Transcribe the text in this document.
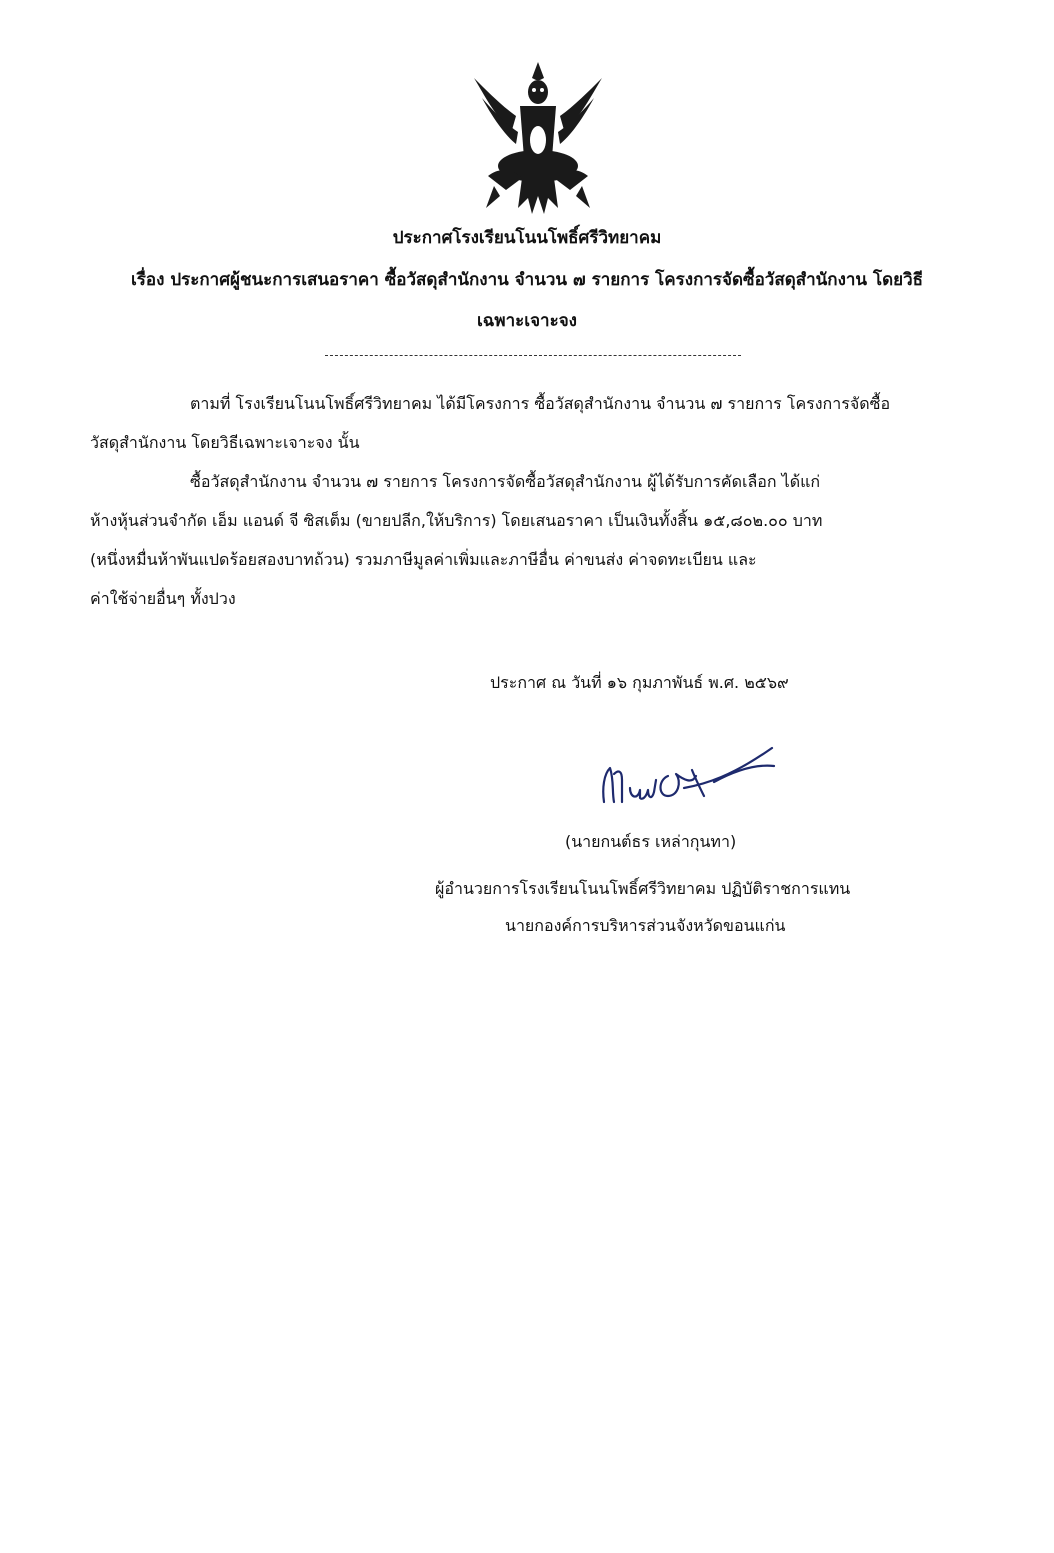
ประกาศโรงเรียนโนนโพธิ์ศรีวิทยาคม
เรื่อง ประกาศผู้ชนะการเสนอราคา ซื้อวัสดุสำนักงาน จำนวน ๗ รายการ โครงการจัดซื้อวัสดุสำนักงาน โดยวิธี
เฉพาะเจาะจง
ตามที่ โรงเรียนโนนโพธิ์ศรีวิทยาคม ได้มีโครงการ ซื้อวัสดุสำนักงาน จำนวน ๗ รายการ โครงการจัดซื้อ
วัสดุสำนักงาน โดยวิธีเฉพาะเจาะจง นั้น
ซื้อวัสดุสำนักงาน จำนวน ๗ รายการ โครงการจัดซื้อวัสดุสำนักงาน ผู้ได้รับการคัดเลือก ได้แก่
ห้างหุ้นส่วนจำกัด เอ็ม แอนด์ จี ซิสเต็ม (ขายปลีก,ให้บริการ) โดยเสนอราคา เป็นเงินทั้งสิ้น ๑๕,๘๐๒.๐๐ บาท
(หนึ่งหมื่นห้าพันแปดร้อยสองบาทถ้วน) รวมภาษีมูลค่าเพิ่มและภาษีอื่น ค่าขนส่ง ค่าจดทะเบียน และ
ค่าใช้จ่ายอื่นๆ ทั้งปวง
ประกาศ ณ วันที่ ๑๖ กุมภาพันธ์ พ.ศ. ๒๕๖๙
(นายกนต์ธร เหล่ากุนทา)
ผู้อำนวยการโรงเรียนโนนโพธิ์ศรีวิทยาคม ปฏิบัติราชการแทน
นายกองค์การบริหารส่วนจังหวัดขอนแก่น
